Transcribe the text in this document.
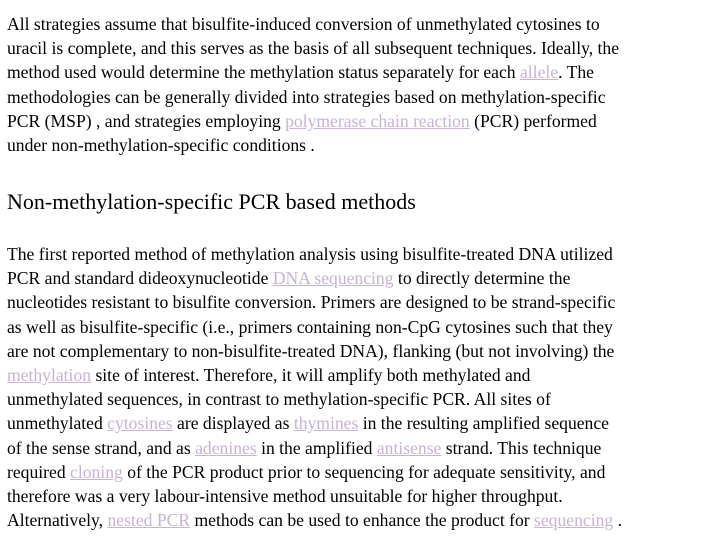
All strategies assume that bisulfite-induced conversion of unmethylated cytosines to
uracil is complete, and this serves as the basis of all subsequent techniques. Ideally, the
method used would determine the methylation status separately for each allele. The
methodologies can be generally divided into strategies based on methylation-specific
PCR (MSP) , and strategies employing polymerase chain reaction (PCR) performed
under non-methylation-specific conditions .

Non-methylation-specific PCR based methods

The first reported method of methylation analysis using bisulfite-treated DNA utilized
PCR and standard dideoxynucleotide DNA sequencing to directly determine the
nucleotides resistant to bisulfite conversion. Primers are designed to be strand-specific
as well as bisulfite-specific (i.e., primers containing non-CpG cytosines such that they
are not complementary to non-bisulfite-treated DNA), flanking (but not involving) the
methylation site of interest. Therefore, it will amplify both methylated and
unmethylated sequences, in contrast to methylation-specific PCR. All sites of
unmethylated cytosines are displayed as thymines in the resulting amplified sequence
of the sense strand, and as adenines in the amplified antisense strand. This technique
required cloning of the PCR product prior to sequencing for adequate sensitivity, and
therefore was a very labour-intensive method unsuitable for higher throughput.
Alternatively, nested PCR methods can be used to enhance the product for sequencing .
